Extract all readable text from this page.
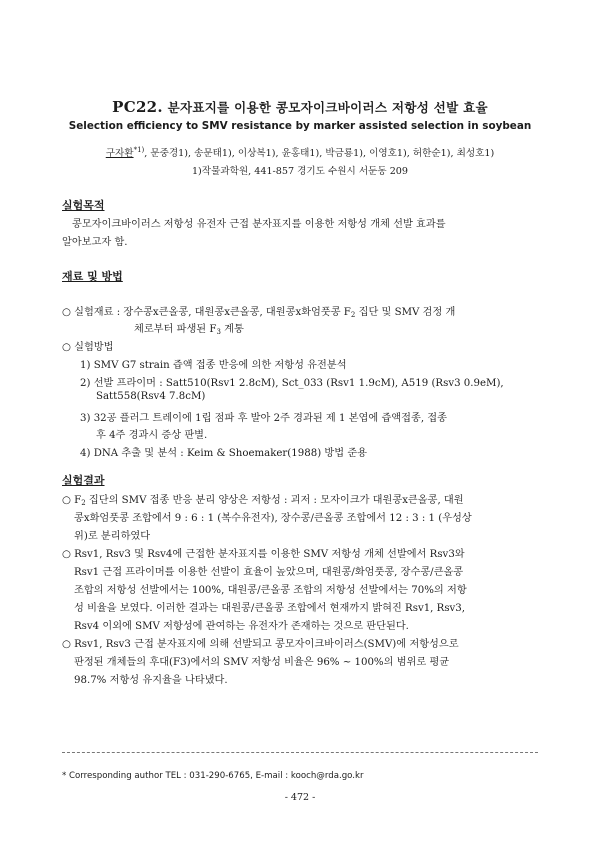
PC22. 분자표지를 이용한 콩모자이크바이러스 저항성 선발 효율
Selection efficiency to SMV resistance by marker assisted selection in soybean
구자환$^{*1)}$, 문중경1), 송문태1), 이상복1), 윤홍태1), 박금룡1), 이영호1), 허한순1), 최성호1)
1)작물과학원, 441-857 경기도 수원시 서둔동 209
실험목적
콩모자이크바이러스 저항성 유전자 근접 분자표지를 이용한 저항성 개체 선발 효과를
알아보고자 함.
재료 및 방법
○ 실험재료 : 장수콩x큰올콩, 대원콩x큰올콩, 대원콩x화엄풋콩 $F_2$ 집단 및 SMV 검정 개
체로부터 파생된 $F_3$ 계통
○ 실험방법
1) SMV G7 strain 즙액 접종 반응에 의한 저항성 유전분석
2) 선발 프라이머 : Satt510(Rsv1 2.8cM), Sct_033 (Rsv1 1.9cM), A519 (Rsv3 0.9eM),
Satt558(Rsv4 7.8cM)
3) 32공 플러그 트레이에 1립 점파 후 발아 2주 경과된 제 1 본엽에 즙액접종, 접종
후 4주 경과시 증상 판별.
4) DNA 추출 및 분석 : Keim & Shoemaker(1988) 방법 준용
실험결과
○ $F_2$ 집단의 SMV 접종 반응 분리 양상은 저항성 : 괴저 : 모자이크가 대원콩x큰올콩, 대원
콩x화엄풋콩 조합에서 9 : 6 : 1 (복수유전자), 장수콩/큰올콩 조합에서 12 : 3 : 1 (우성상
위)로 분리하였다
○ Rsv1, Rsv3 및 Rsv4에 근접한 분자표지를 이용한 SMV 저항성 개체 선발에서 Rsv3와
Rsv1 근접 프라이머를 이용한 선발이 효율이 높았으며, 대원콩/화엄풋콩, 장수콩/큰올콩
조합의 저항성 선발에서는 100%, 대원콩/큰올콩 조합의 저항성 선발에서는 70%의 저항
성 비율을 보였다. 이러한 결과는 대원콩/큰올콩 조합에서 현재까지 밝혀진 Rsv1, Rsv3,
Rsv4 이외에 SMV 저항성에 관여하는 유전자가 존재하는 것으로 판단된다.
○ Rsv1, Rsv3 근접 분자표지에 의해 선발되고 콩모자이크바이러스(SMV)에 저항성으로
판정된 개체들의 후대(F3)에서의 SMV 저항성 비율은 96% ~ 100%의 범위로 평균
98.7% 저항성 유지율을 나타냈다.
* Corresponding author TEL : 031-290-6765, E-mail : kooch@rda.go.kr
- 472 -
